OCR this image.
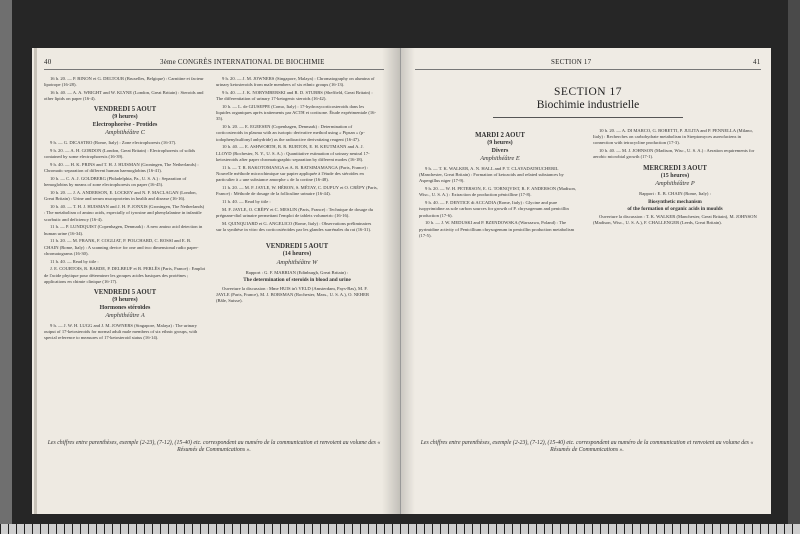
40	3ème CONGRÈS INTERNATIONAL DE BIOCHIMIE

16 h. 20. — P. BINON et G. DELTOUR (Bruxelles, Belgique) : Carnitine et facteur lipotrope (16-28).

16 h. 40. — A. A. WRIGHT and W. KLYNE (London, Great Britain) : Steroids and other lipids on paper (16-4).

VENDREDI 5 AOUT
(9 heures)
Electrophorèse - Protides
Amphithéâtre C

9 h. — G. DICASTRO (Rome, Italy) : Zone electrophoresis (16-37).

9 h. 20. — A. H. GORDON (London, Great Britain) : Electrophoresis of solids contained by some electrophoresis (16-39).

9 h. 40. — H. K. PRINS and T. H. J. HUISMAN (Groningen, The Netherlands) : Chromatic separation of different human haemoglobins (16-41).

10 h. — C. A. J. GOLDBERG (Philadelphia, Pa., U. S. A.) : Separation of hemoglobins by means of zone electrophoresis on paper (16-45).

10 h. 20. — J. A. ANDERSON, E. LOCKEY and N. F. MACLAGAN (London, Great Britain) : Urine and serum mucoproteins in health and disease (16-16).

10 h. 40. — T. H. J. HUISMAN and J. H. P. JONXIS (Groningen, The Netherlands) : The metabolism of amino acids, especially of tyrosine and phenylalanine in infantile scorbutic and deficiency (16-4).

11 h. — P. LUNDQUIST (Copenhagen, Denmark) : A new amino acid detection in human urine (16-34).

11 h. 20. — M. FRANK, F. COGLIAT, P. POLCHARD, C. ROSSI and E. B. CHAIN (Rome, Italy) : A scanning device for one and two dimensional radio paper-chromatograms (16-30).

11 h. 40. — Read by title :

J. E. COURTOIS, R. BARDE, P. DELBEUF et B. PERLÈS (Paris, France) : Emploi de l'acide phytique pour déterminer les groupes acides basiques des protéines ; applications en chimie clinique (16-17).

VENDREDI 5 AOUT
(9 heures)
Hormones stéroïdes
Amphithéâtre A

9 h. — J. W. H. LUGG and J. M. JOWNERS (Singapore, Malaya) : The urinary output of 17-ketosteroids for normal adult male members of six ethnic groups, with special reference to measures of 17-ketosteroid status (16-14).

9 h. 20. — J. M. JOWNERS (Singapore, Malaya) : Chromatography on alumina of urinary ketosteroids from male members of six ethnic groups (16-13).

9 h. 40. — J. K. NORYMBERSKI and R. D. STUBBS (Sheffield, Great Britain) : The differentiation of urinary 17-ketogenic steroids (16-42).

10 h. — L. de GIUSEPPE (Como, Italy) : 17-hydroxycorticosteroids dans les liquides organiques après traitements par ACTH et cortisone. Étude expérimentale (16-35).

10 h. 20. — E. EGEESEN (Copenhagen, Denmark) : Determination of corticosteroids in plasma with an isotopic derivative method using « Pipsan » (p-iodophenylsulfonyl anhydride) as the radioactive derivatizing reagent (16-47).

10 h. 40. — E. ASHWORTH, B. R. BURTON, E. H. KEUTMANN and A. J. LLOYD (Rochester, N. Y., U. S. A.) : Quantitative estimation of urinary neutral 17-ketosteroids after paper chromatographic separation by different modes (16-18).

11 h. — T. R. RAKOTOMANGA et A. R. RATSIMAMANGA (Paris, France) : Nouvelle méthode microchimique sur papier appliquée à l'étude des stéroïdes en particulier à « une substance amorphe » de la cortine (16-48).

11 h. 20. — M. F. JAYLE, W. HÉRON, S. MÉTAY, C. DUPUY et O. CRÉPY (Paris, France) : Méthode de dosage de la folliculine urinaire (16-44).

11 h. 40. — Read by title :

M. F. JAYLE, O. CRÉPY et C. MESLIN (Paris, France) : Technique de dosage du prégnane-diol urinaire permettant l'emploi de tablets volumetric (16-16).

M. QUINQUIARD et G. ANGELICO (Rome, Italy) : Observations préliminaires sur la synthèse in vitro des corticostéroïdes par les glandes surrénales du rat (16-31).

VENDREDI 5 AOUT
(14 heures)
Amphithéâtre W

Rapport : G. F. MARRIAN (Edinburgh, Great Britain) :

The determination of steroids in blood and urine

Ouverture la discussion : Mme HUIS in't VELD (Amsterdam, Pays-Bas), M. F. JAYLE (Paris, France), M. J. BORSMAN (Rochester, Mass., U. S. A.), O. NEHER (Bâle, Suisse).

Les chiffres entre parenthèses, exemple (2-23), (7-12), (15-40) etc. correspondent au numéro de la communication et renvoient au volume des « Résumés de Communications ».
SECTION 17	41
SECTION 17
Biochimie industrielle
MARDI 2 AOUT
(9 heures)
Divers
Amphithéâtre E

9 h. — T. K. WALKER, A. N. HALL and P. T. CLAYADATHUCHERIL (Manchester, Great Britain) : Formation of ketoacids and related substances by Aspergillus niger (17-9).

9 h. 20. — W. H. PETERSON, E. G. TORNQVIST, R. F. ANDERSON (Madison, Wisc., U. S. A.) : Extraction de production pénicilline (17-8).

9 h. 40. — F. DENTICE di ACCADIA (Rome, Italy) : Glycine and pure isopyrimidine as sole carbon sources for growth of P. chrysogenum and penicillin production (17-6).

10 h. — J. W. MEDUSKI and P. BZENDOWSKA (Warszawa, Poland) : The pyrimidine activity of Penicillium chrysogenum in penicillin production metabolism (17-5).

10 h. 20. — A. DI MARCO, G. BORETTI, P. JULITA and P. PENNELLA (Milano, Italy) : Recherches on carbohydrate metabolism in Streptomyces aureofaciens in connection with tetracycline production (17-3).

10 h. 40. — M. J. JOHNSON (Madison, Wisc., U. S. A.) : Aeration requirements for aerobic microbial growth (17-1).

MERCREDI 3 AOUT
(15 heures)
Amphithéâtre P

Rapport : E. B. CHAIN (Rome, Italy) :

Biosynthetic mechanism

of the formation of organic acids in moulds

Ouverture la discussion : T. K. WALKER (Manchester, Great Britain), M. JOHNSON (Madison, Wisc., U. S. A.), F. CHALLENGER (Leeds, Great Britain).

Les chiffres entre parenthèses, exemple (2-23), (7-12), (15-40) etc. correspondent au numéro de la communication et renvoient au volume des « Résumés de Communications ».
